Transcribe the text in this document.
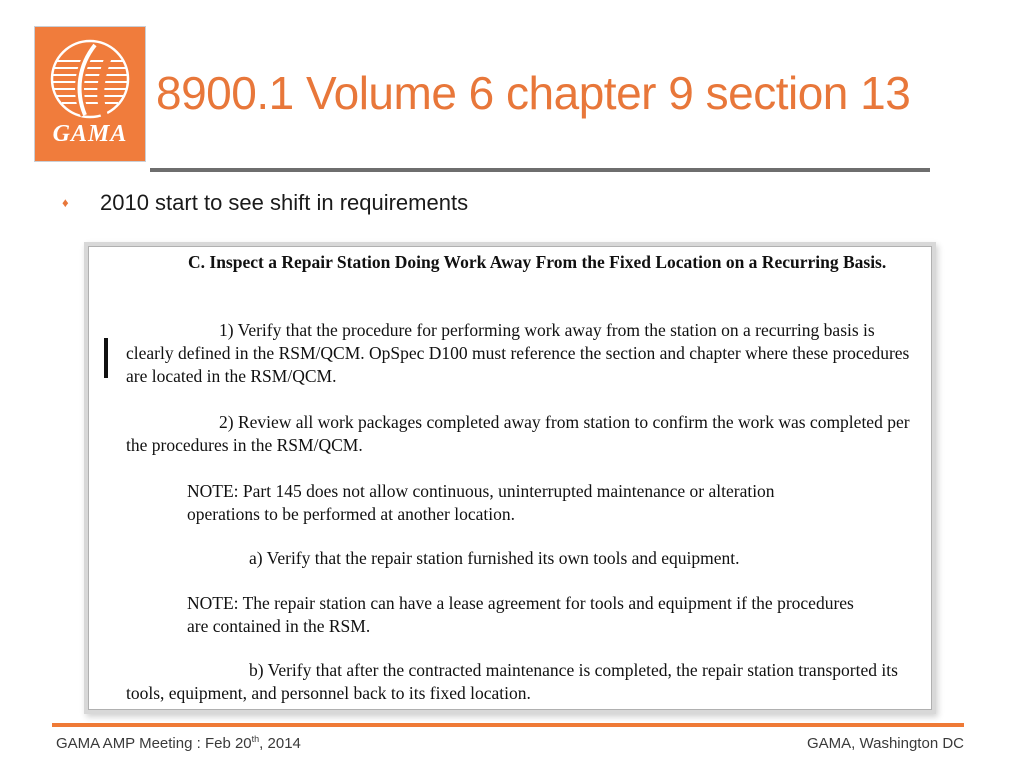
GAMA
8900.1 Volume 6 chapter 9 section 13
♦ 2010 start to see shift in requirements

C. Inspect a Repair Station Doing Work Away From the Fixed Location on a Recurring Basis.

1) Verify that the procedure for performing work away from the station on a recurring basis is clearly defined in the RSM/QCM. OpSpec D100 must reference the section and chapter where these procedures are located in the RSM/QCM.

2) Review all work packages completed away from station to confirm the work was completed per the procedures in the RSM/QCM.

NOTE: Part 145 does not allow continuous, uninterrupted maintenance or alteration operations to be performed at another location.

a) Verify that the repair station furnished its own tools and equipment.

NOTE: The repair station can have a lease agreement for tools and equipment if the procedures are contained in the RSM.

b) Verify that after the contracted maintenance is completed, the repair station transported its tools, equipment, and personnel back to its fixed location.

GAMA AMP Meeting : Feb 20th, 2014	GAMA, Washington DC
